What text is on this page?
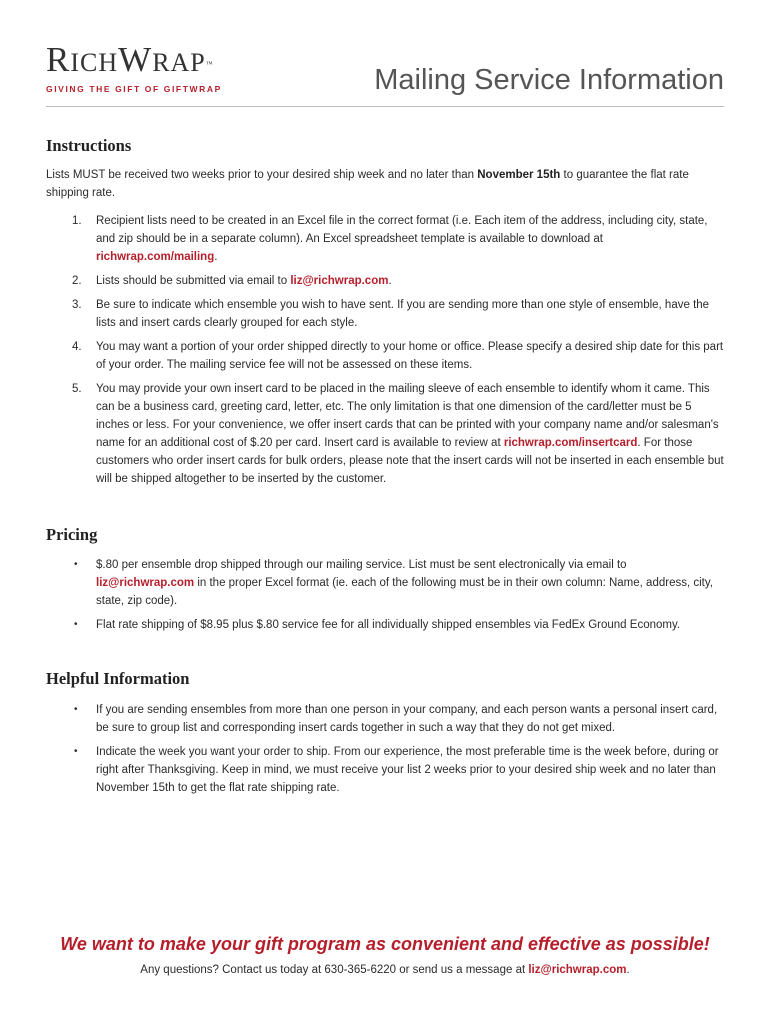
RICHWRAP™
GIVING THE GIFT OF GIFTWRAP	Mailing Service Information
Instructions
Lists MUST be received two weeks prior to your desired ship week and no later than November 15th to guarantee the flat rate shipping rate.
1.	Recipient lists need to be created in an Excel file in the correct format (i.e. Each item of the address, including city, state, and zip should be in a separate column). An Excel spreadsheet template is available to download at richwrap.com/mailing.
2.	Lists should be submitted via email to liz@richwrap.com.
3.	Be sure to indicate which ensemble you wish to have sent. If you are sending more than one style of ensemble, have the lists and insert cards clearly grouped for each style.
4.	You may want a portion of your order shipped directly to your home or office. Please specify a desired ship date for this part of your order. The mailing service fee will not be assessed on these items.
5.	You may provide your own insert card to be placed in the mailing sleeve of each ensemble to identify whom it came. This can be a business card, greeting card, letter, etc. The only limitation is that one dimension of the card/letter must be 5 inches or less. For your convenience, we offer insert cards that can be printed with your company name and/or salesman's name for an additional cost of $.20 per card. Insert card is available to review at richwrap.com/insertcard. For those customers who order insert cards for bulk orders, please note that the insert cards will not be inserted in each ensemble but will be shipped altogether to be inserted by the customer.
Pricing
•	$.80 per ensemble drop shipped through our mailing service. List must be sent electronically via email to liz@richwrap.com in the proper Excel format (ie. each of the following must be in their own column: Name, address, city, state, zip code).
•	Flat rate shipping of $8.95 plus $.80 service fee for all individually shipped ensembles via FedEx Ground Economy.
Helpful Information
•	If you are sending ensembles from more than one person in your company, and each person wants a personal insert card, be sure to group list and corresponding insert cards together in such a way that they do not get mixed.
•	Indicate the week you want your order to ship. From our experience, the most preferable time is the week before, during or right after Thanksgiving. Keep in mind, we must receive your list 2 weeks prior to your desired ship week and no later than November 15th to get the flat rate shipping rate.
We want to make your gift program as convenient and effective as possible!
Any questions? Contact us today at 630-365-6220 or send us a message at liz@richwrap.com.
